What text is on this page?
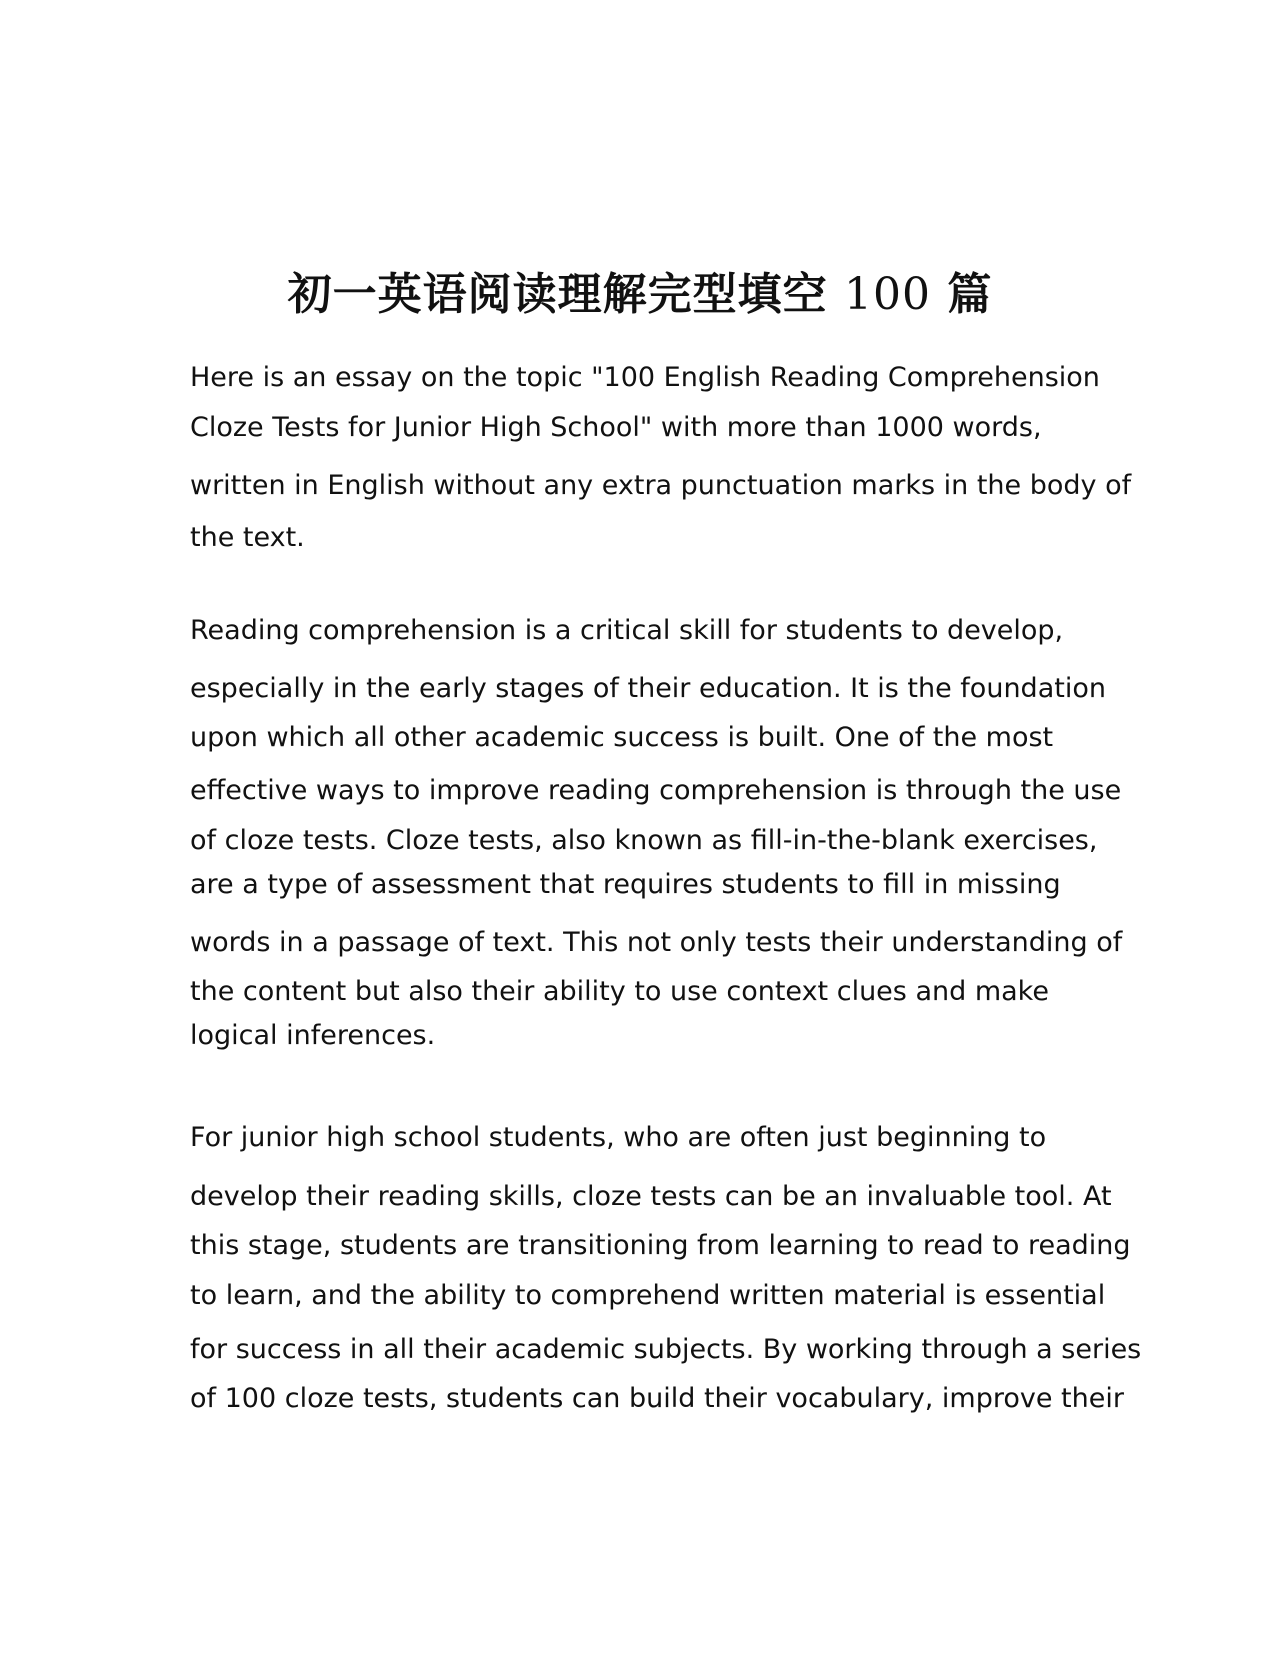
初一英语阅读理解完型填空 100 篇
Here is an essay on the topic "100 English Reading Comprehension
Cloze Tests for Junior High School" with more than 1000 words,
written in English without any extra punctuation marks in the body of
the text.
Reading comprehension is a critical skill for students to develop,
especially in the early stages of their education. It is the foundation
upon which all other academic success is built. One of the most
effective ways to improve reading comprehension is through the use
of cloze tests. Cloze tests, also known as fill-in-the-blank exercises,
are a type of assessment that requires students to fill in missing
words in a passage of text. This not only tests their understanding of
the content but also their ability to use context clues and make
logical inferences.
For junior high school students, who are often just beginning to
develop their reading skills, cloze tests can be an invaluable tool. At
this stage, students are transitioning from learning to read to reading
to learn, and the ability to comprehend written material is essential
for success in all their academic subjects. By working through a series
of 100 cloze tests, students can build their vocabulary, improve their
